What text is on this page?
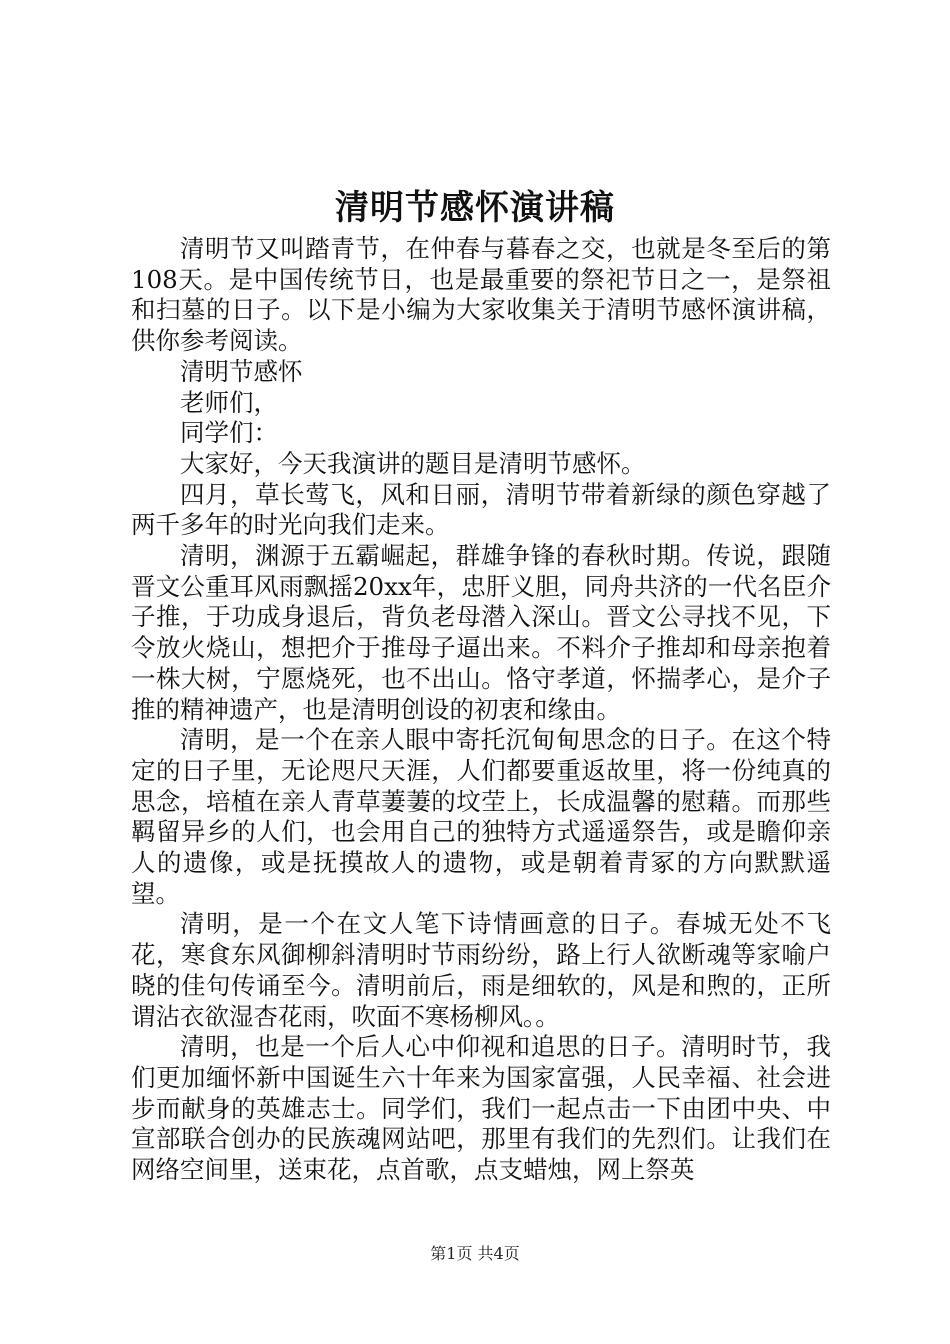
清明节感怀演讲稿

清明节又叫踏青节，在仲春与暮春之交，也就是冬至后的第108天。是中国传统节日，也是最重要的祭祀节日之一，是祭祖和扫墓的日子。以下是小编为大家收集关于清明节感怀演讲稿，供你参考阅读。

清明节感怀

老师们，

同学们：

大家好，今天我演讲的题目是清明节感怀。

四月，草长莺飞，风和日丽，清明节带着新绿的颜色穿越了两千多年的时光向我们走来。

清明，渊源于五霸崛起，群雄争锋的春秋时期。传说，跟随晋文公重耳风雨飘摇20xx年，忠肝义胆，同舟共济的一代名臣介子推，于功成身退后，背负老母潜入深山。晋文公寻找不见，下令放火烧山，想把介于推母子逼出来。不料介子推却和母亲抱着一株大树，宁愿烧死，也不出山。恪守孝道，怀揣孝心，是介子推的精神遗产，也是清明创设的初衷和缘由。

清明，是一个在亲人眼中寄托沉甸甸思念的日子。在这个特定的日子里，无论咫尺天涯，人们都要重返故里，将一份纯真的思念，培植在亲人青草萋萋的坟茔上，长成温馨的慰藉。而那些羁留异乡的人们，也会用自己的独特方式遥遥祭告，或是瞻仰亲人的遗像，或是抚摸故人的遗物，或是朝着青冢的方向默默遥望。

清明，是一个在文人笔下诗情画意的日子。春城无处不飞花，寒食东风御柳斜清明时节雨纷纷，路上行人欲断魂等家喻户晓的佳句传诵至今。清明前后，雨是细软的，风是和煦的，正所谓沾衣欲湿杏花雨，吹面不寒杨柳风。。

清明，也是一个后人心中仰视和追思的日子。清明时节，我们更加缅怀新中国诞生六十年来为国家富强，人民幸福、社会进步而献身的英雄志士。同学们，我们一起点击一下由团中央、中宣部联合创办的民族魂网站吧，那里有我们的先烈们。让我们在网络空间里，送束花，点首歌，点支蜡烛，网上祭英

第1页 共4页
